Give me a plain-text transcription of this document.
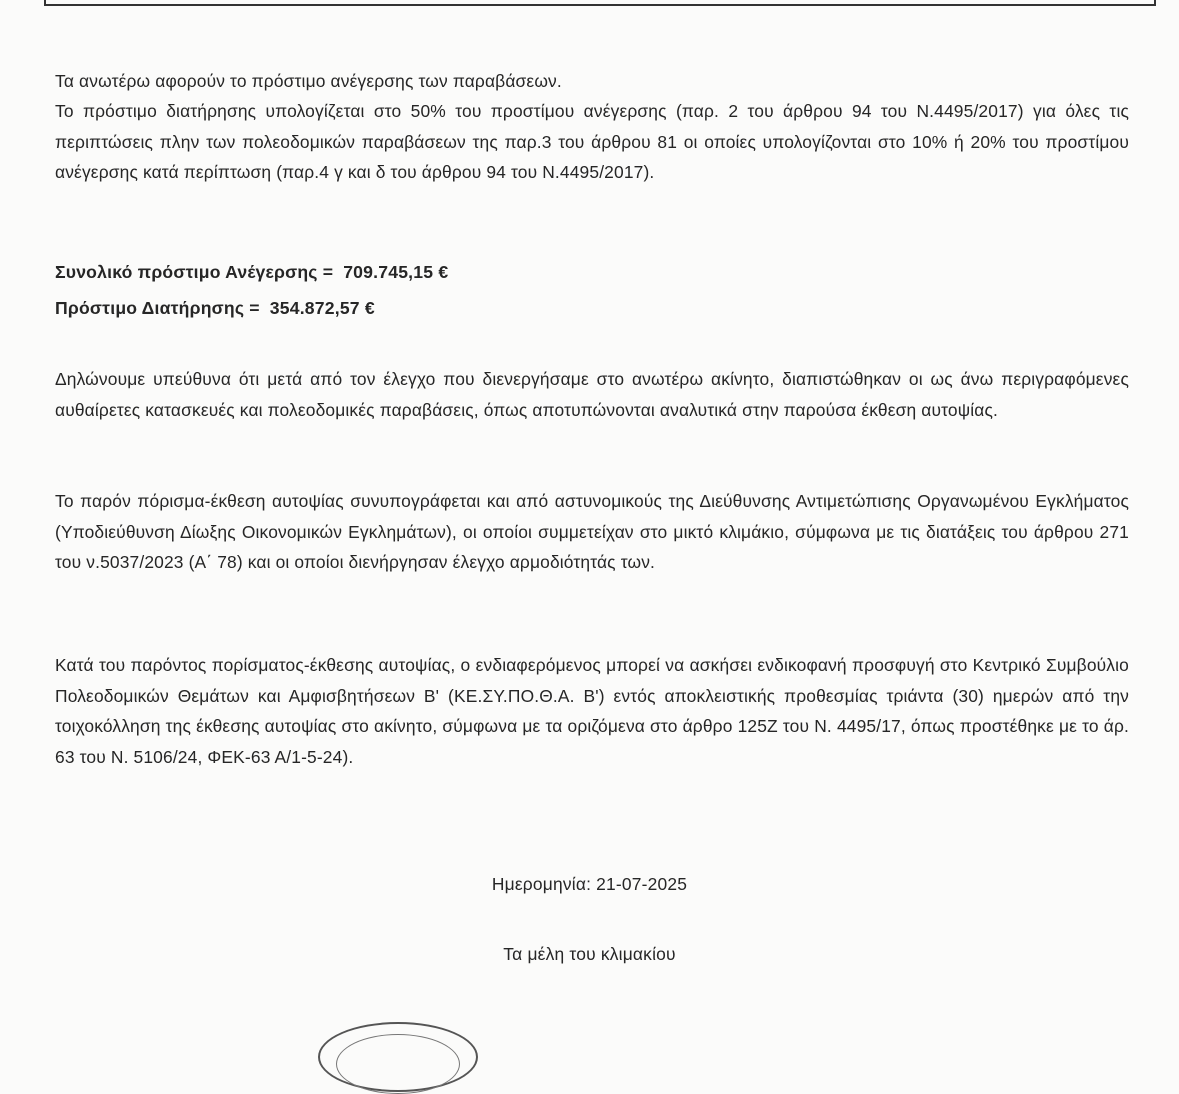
Τα ανωτέρω αφορούν το πρόστιμο ανέγερσης των παραβάσεων.

Το πρόστιμο διατήρησης υπολογίζεται στο 50% του προστίμου ανέγερσης (παρ. 2 του άρθρου 94 του Ν.4495/2017) για όλες τις περιπτώσεις πλην των πολεοδομικών παραβάσεων της παρ.3 του άρθρου 81 οι οποίες υπολογίζονται στο 10% ή 20% του προστίμου ανέγερσης κατά περίπτωση (παρ.4 γ και δ του άρθρου 94 του Ν.4495/2017).

Συνολικό πρόστιμο Ανέγερσης = 709.745,15 €

Πρόστιμο Διατήρησης = 354.872,57 €

Δηλώνουμε υπεύθυνα ότι μετά από τον έλεγχο που διενεργήσαμε στο ανωτέρω ακίνητο, διαπιστώθηκαν οι ως άνω περιγραφόμενες αυθαίρετες κατασκευές και πολεοδομικές παραβάσεις, όπως αποτυπώνονται αναλυτικά στην παρούσα έκθεση αυτοψίας.

Το παρόν πόρισμα-έκθεση αυτοψίας συνυπογράφεται και από αστυνομικούς της Διεύθυνσης Αντιμετώπισης Οργανωμένου Εγκλήματος (Υποδιεύθυνση Δίωξης Οικονομικών Εγκλημάτων), οι οποίοι συμμετείχαν στο μικτό κλιμάκιο, σύμφωνα με τις διατάξεις του άρθρου 271 του ν.5037/2023 (Α΄ 78) και οι οποίοι διενήργησαν έλεγχο αρμοδιότητάς των.

Κατά του παρόντος πορίσματος-έκθεσης αυτοψίας, ο ενδιαφερόμενος μπορεί να ασκήσει ενδικοφανή προσφυγή στο Κεντρικό Συμβούλιο Πολεοδομικών Θεμάτων και Αμφισβητήσεων Β' (ΚΕ.ΣΥ.ΠΟ.Θ.Α. Β') εντός αποκλειστικής προθεσμίας τριάντα (30) ημερών από την τοιχοκόλληση της έκθεσης αυτοψίας στο ακίνητο, σύμφωνα με τα οριζόμενα στο άρθρο 125Ζ του Ν. 4495/17, όπως προστέθηκε με το άρ. 63 του Ν. 5106/24, ΦΕΚ-63 Α/1-5-24).

Ημερομηνία: 21-07-2025

Τα μέλη του κλιμακίου
